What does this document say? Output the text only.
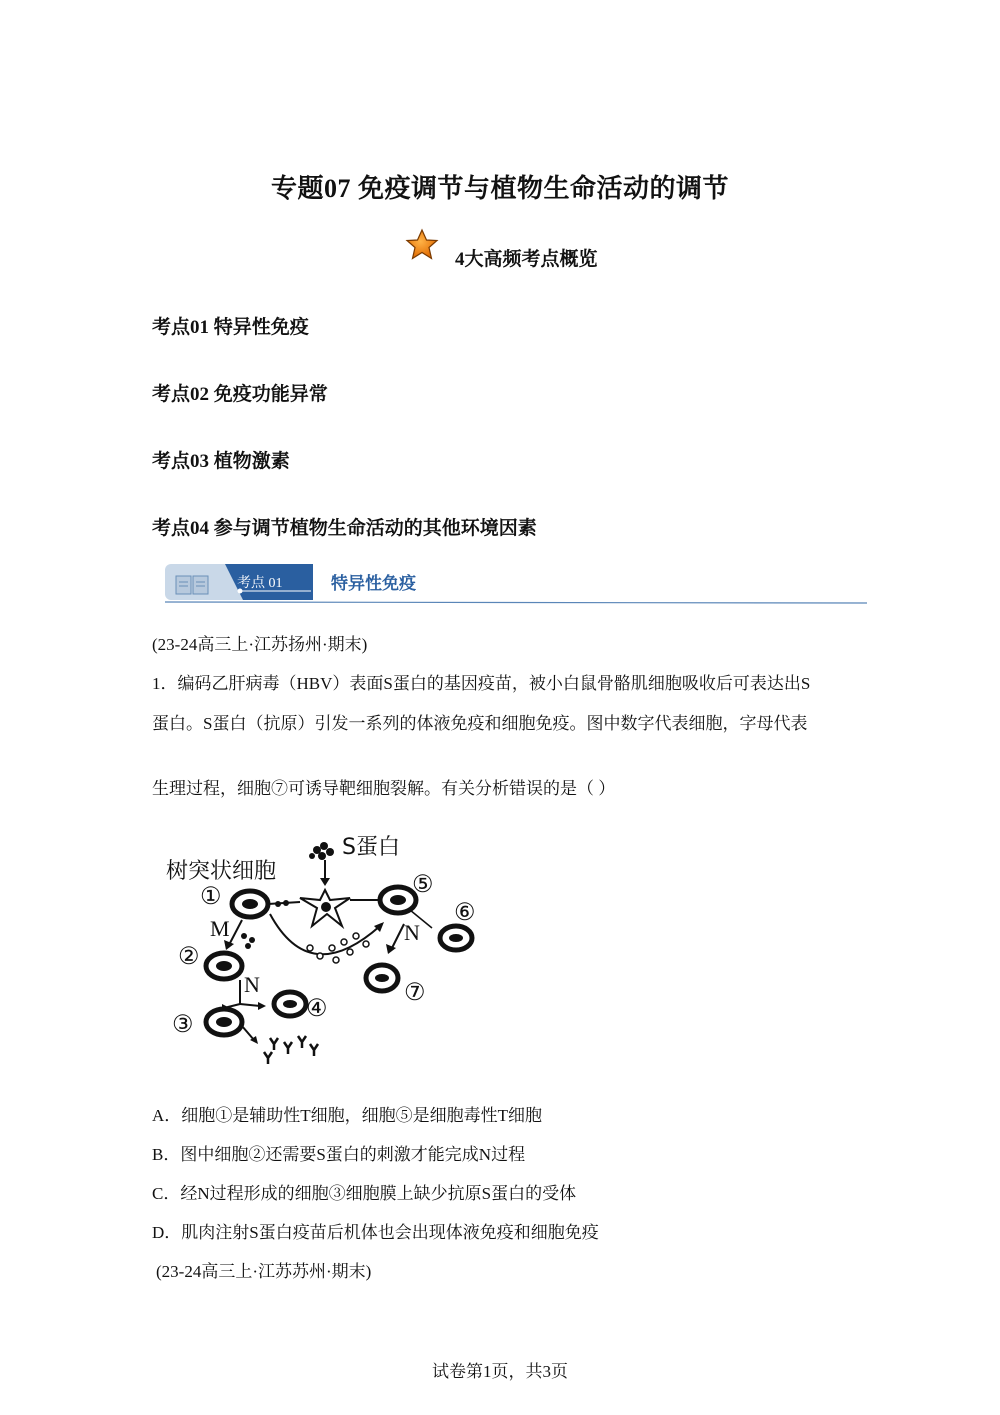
专题07 免疫调节与植物生命活动的调节
4大高频考点概览
考点01 特异性免疫
考点02 免疫功能异常
考点03 植物激素
考点04 参与调节植物生命活动的其他环境因素
考点 01	特异性免疫
(23-24高三上·江苏扬州·期末)
1．编码乙肝病毒（HBV）表面S蛋白的基因疫苗，被小白鼠骨骼肌细胞吸收后可表达出S
蛋白。S蛋白（抗原）引发一系列的体液免疫和细胞免疫。图中数字代表细胞，字母代表
生理过程，细胞⑦可诱导靶细胞裂解。有关分析错误的是（ ）
树突状细胞
S蛋白
①	⑤
M
⑥
N
⑦
②
N
④
③
A．细胞①是辅助性T细胞，细胞⑤是细胞毒性T细胞
B．图中细胞②还需要S蛋白的刺激才能完成N过程
C．经N过程形成的细胞③细胞膜上缺少抗原S蛋白的受体
D．肌肉注射S蛋白疫苗后机体也会出现体液免疫和细胞免疫
(23-24高三上·江苏苏州·期末)
试卷第1页，共3页
